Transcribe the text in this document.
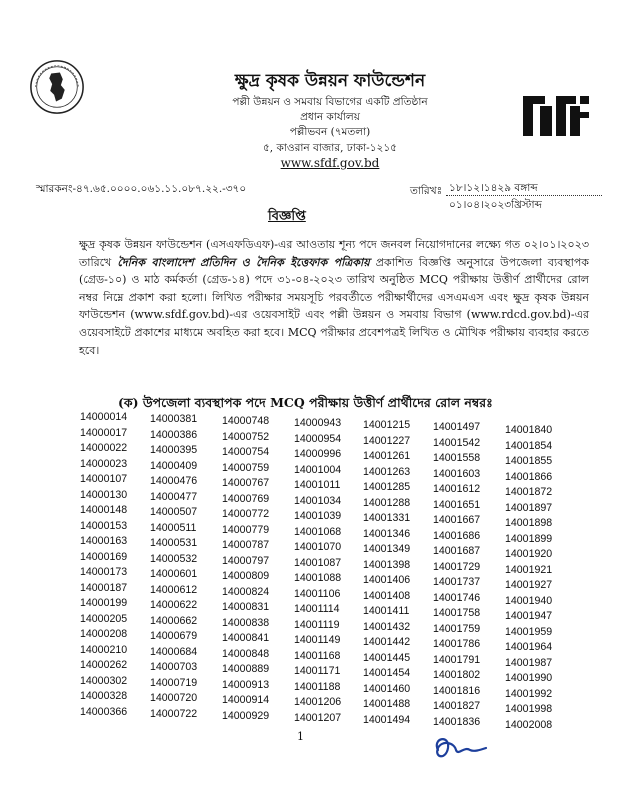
ক্ষুদ্র কৃষক উন্নয়ন ফাউন্ডেশন
পল্লী উন্নয়ন ও সমবায় বিভাগের একটি প্রতিষ্ঠান
প্রধান কার্যালয়
পল্লীভবন (৭মতলা)
৫, কাওরান বাজার, ঢাকা-১২১৫
www.sfdf.gov.bd
স্মারকনং-৪৭.৬৫.০০০০.০৬১.১১.০৮৭.২২.-৩৭০	তারিখঃ ১৮।১২।১৪২৯ বঙ্গাব্দ
০১।০৪।২০২৩খ্রিস্টাব্দ
বিজ্ঞপ্তি
ক্ষুদ্র কৃষক উন্নয়ন ফাউন্ডেশন (এসএফডিএফ)-এর আওতায় শূন্য পদে জনবল নিয়োগদানের লক্ষ্যে গত ০২।০১।২০২৩ তারিখে দৈনিক বাংলাদেশ প্রতিদিন ও দৈনিক ইত্তেফাক পত্রিকায় প্রকাশিত বিজ্ঞপ্তি অনুসারে উপজেলা ব্যবস্থাপক (গ্রেড-১০) ও মাঠ কর্মকর্তা (গ্রেড-১৪) পদে ৩১-০৪-২০২৩ তারিখ অনুষ্ঠিত MCQ পরীক্ষায় উত্তীর্ণ প্রার্থীদের রোল নম্বর নিম্নে প্রকাশ করা হলো। লিখিত পরীক্ষার সময়সূচি পরবর্তীতে পরীক্ষার্থীদের এসএমএস এবং ক্ষুদ্র কৃষক উন্নয়ন ফাউন্ডেশন (www.sfdf.gov.bd)-এর ওয়েবসাইট এবং পল্লী উন্নয়ন ও সমবায় বিভাগ (www.rdcd.gov.bd)-এর ওয়েবসাইটে প্রকাশের মাধ্যমে অবহিত করা হবে। MCQ পরীক্ষার প্রবেশপত্রই লিখিত ও মৌখিক পরীক্ষায় ব্যবহার করতে হবে।
(ক) উপজেলা ব্যবস্থাপক পদে MCQ পরীক্ষায় উত্তীর্ণ প্রার্থীদের রোল নম্বরঃ
14000014
14000017
14000022
14000023
14000107
14000130
14000148
14000153
14000163
14000169
14000173
14000187
14000199
14000205
14000208
14000210
14000262
14000302
14000328
14000366
14000381
14000386
14000395
14000409
14000476
14000477
14000507
14000511
14000531
14000532
14000601
14000612
14000622
14000662
14000679
14000684
14000703
14000719
14000720
14000722
14000748
14000752
14000754
14000759
14000767
14000769
14000772
14000779
14000787
14000797
14000809
14000824
14000831
14000838
14000841
14000848
14000889
14000913
14000914
14000929
14000943
14000954
14000996
14001004
14001011
14001034
14001039
14001068
14001070
14001087
14001088
14001106
14001114
14001119
14001149
14001168
14001171
14001188
14001206
14001207
14001215
14001227
14001261
14001263
14001285
14001288
14001331
14001346
14001349
14001398
14001406
14001408
14001411
14001432
14001442
14001445
14001454
14001460
14001488
14001494
14001497
14001542
14001558
14001603
14001612
14001651
14001667
14001686
14001687
14001729
14001737
14001746
14001758
14001759
14001786
14001791
14001802
14001816
14001827
14001836
14001840
14001854
14001855
14001866
14001872
14001897
14001898
14001899
14001920
14001921
14001927
14001940
14001947
14001959
14001964
14001987
14001990
14001992
14001998
14002008
1
